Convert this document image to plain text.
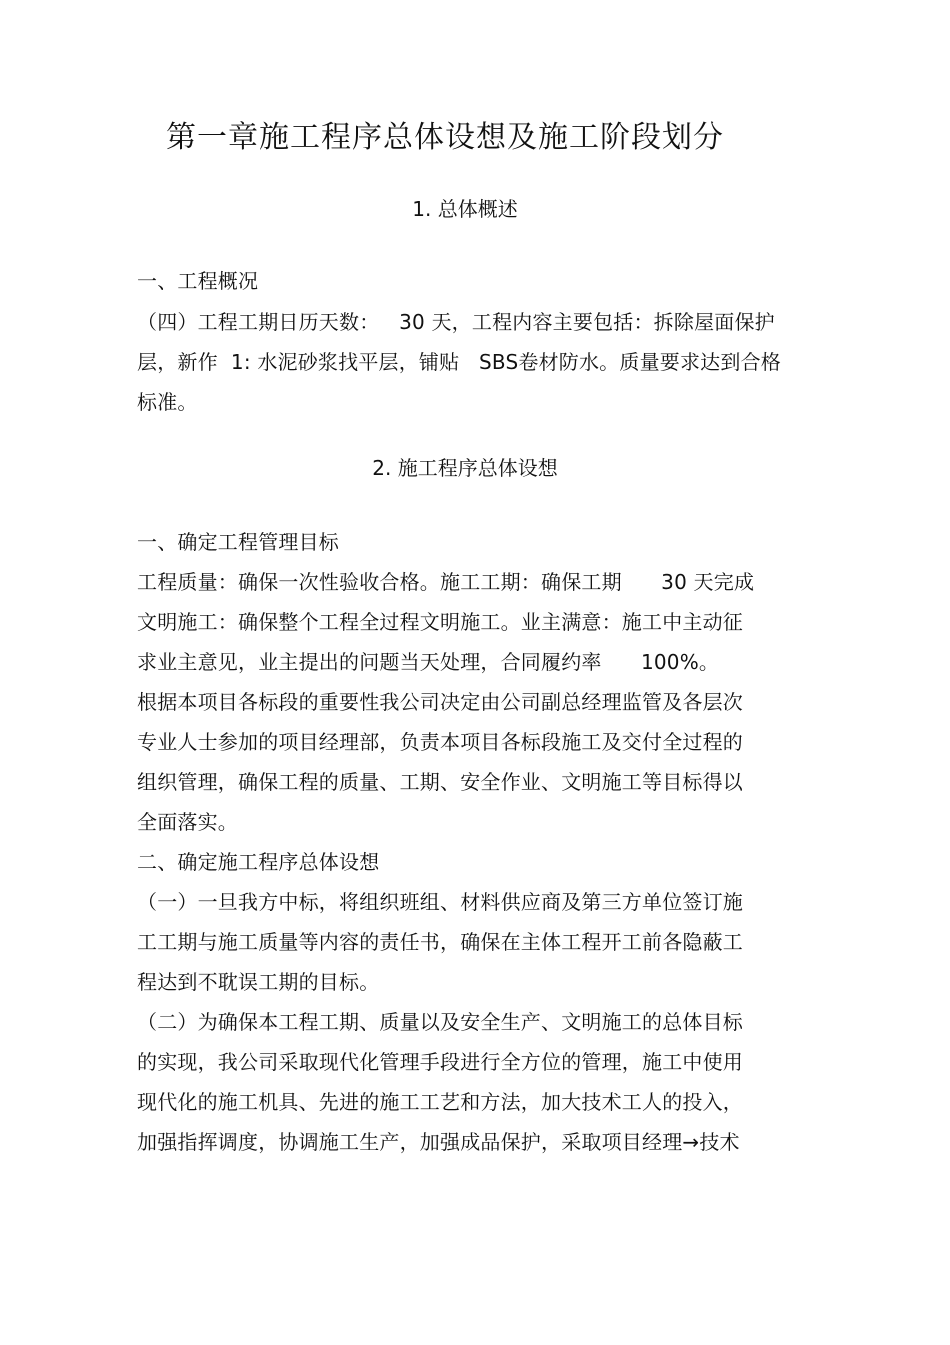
第一章施工程序总体设想及施工阶段划分
1. 总体概述
一、工程概况
（四）工程工期日历天数：   30 天，工程内容主要包括：拆除屋面保护
层，新作  1: 水泥砂浆找平层，铺贴   SBS卷材防水。质量要求达到合格
标准。
2. 施工程序总体设想
一、确定工程管理目标
工程质量：确保一次性验收合格。施工工期：确保工期      30 天完成
文明施工：确保整个工程全过程文明施工。业主满意：施工中主动征
求业主意见，业主提出的问题当天处理，合同履约率      100%。
根据本项目各标段的重要性我公司决定由公司副总经理监管及各层次
专业人士参加的项目经理部，负责本项目各标段施工及交付全过程的
组织管理，确保工程的质量、工期、安全作业、文明施工等目标得以
全面落实。
二、确定施工程序总体设想
（一）一旦我方中标，将组织班组、材料供应商及第三方单位签订施
工工期与施工质量等内容的责任书，确保在主体工程开工前各隐蔽工
程达到不耽误工期的目标。
（二）为确保本工程工期、质量以及安全生产、文明施工的总体目标
的实现，我公司采取现代化管理手段进行全方位的管理，施工中使用
现代化的施工机具、先进的施工工艺和方法，加大技术工人的投入，
加强指挥调度，协调施工生产，加强成品保护，采取项目经理→技术
